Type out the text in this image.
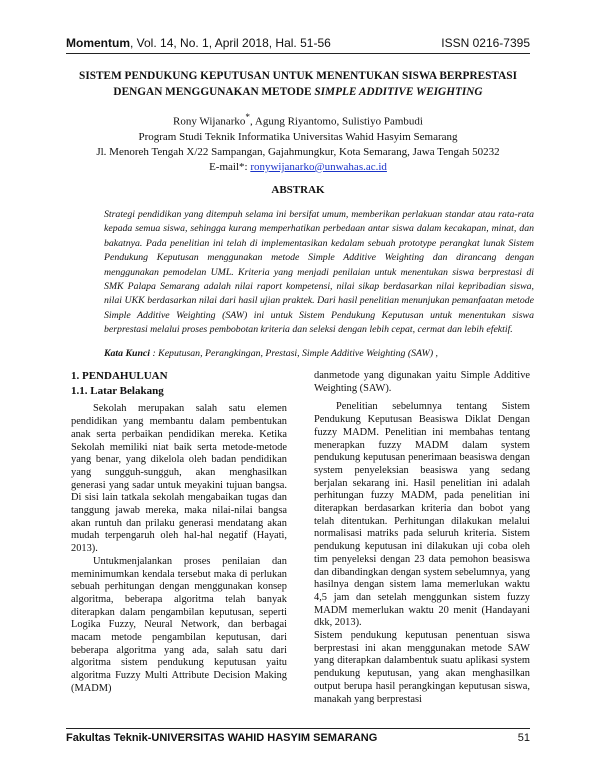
Momentum, Vol. 14, No. 1, April 2018, Hal. 51-56	ISSN 0216-7395
SISTEM PENDUKUNG KEPUTUSAN UNTUK MENENTUKAN SISWA BERPRESTASI
DENGAN MENGGUNAKAN METODE SIMPLE ADDITIVE WEIGHTING
Rony Wijanarko*, Agung Riyantomo, Sulistiyo Pambudi
Program Studi Teknik Informatika Universitas Wahid Hasyim Semarang
Jl. Menoreh Tengah X/22 Sampangan, Gajahmungkur, Kota Semarang, Jawa Tengah 50232
E-mail*: ronywijanarko@unwahas.ac.id
ABSTRAK
Strategi pendidikan yang ditempuh selama ini bersifat umum, memberikan perlakuan standar atau rata-rata kepada semua siswa, sehingga kurang memperhatikan perbedaan antar siswa dalam kecakapan, minat, dan bakatnya. Pada penelitian ini telah di implementasikan kedalam sebuah prototype perangkat lunak Sistem Pendukung Keputusan menggunakan metode Simple Additive Weighting dan dirancang dengan menggunakan pemodelan UML. Kriteria yang menjadi penilaian untuk menentukan siswa berprestasi di SMK Palapa Semarang adalah nilai raport kompetensi, nilai sikap berdasarkan nilai kepribadian siswa, nilai UKK berdasarkan nilai dari hasil ujian praktek. Dari hasil penelitian menunjukan pemanfaatan metode Simple Additive Weighting (SAW) ini untuk Sistem Pendukung Keputusan untuk menentukan siswa berprestasi melalui proses pembobotan kriteria dan seleksi dengan lebih cepat, cermat dan lebih efektif.
Kata Kunci : Keputusan, Perangkingan, Prestasi, Simple Additive Weighting (SAW) ,

1. PENDAHULUAN

1.1. Latar Belakang

Sekolah merupakan salah satu elemen pendidikan yang membantu dalam pembentukan anak serta perbaikan pendidikan mereka. Ketika Sekolah memiliki niat baik serta metode-metode yang benar, yang dikelola oleh badan pendidikan yang sungguh-sungguh, akan menghasilkan generasi yang sadar untuk meyakini tujuan bangsa. Di sisi lain tatkala sekolah mengabaikan tugas dan tanggung jawab mereka, maka nilai-nilai bangsa akan runtuh dan prilaku generasi mendatang akan mudah terpengaruh oleh hal-hal negatif (Hayati, 2013).

Untukmenjalankan proses penilaian dan meminimumkan kendala tersebut maka di perlukan sebuah perhitungan dengan menggunakan konsep algoritma, beberapa algoritma telah banyak diterapkan dalam pengambilan keputusan, seperti Logika Fuzzy, Neural Network, dan berbagai macam metode pengambilan keputusan, dari beberapa algoritma yang ada, salah satu dari algoritma sistem pendukung keputusan yaitu algoritma Fuzzy Multi Attribute Decision Making (MADM)

danmetode yang digunakan yaitu Simple Additive Weighting (SAW).

Penelitian sebelumnya tentang Sistem Pendukung Keputusan Beasiswa Diklat Dengan fuzzy MADM. Penelitian ini membahas tentang menerapkan fuzzy MADM dalam system pendukung keputusan penerimaan beasiswa dengan system penyeleksian beasiswa yang sedang berjalan sekarang ini. Hasil penelitian ini adalah perhitungan fuzzy MADM, pada penelitian ini diterapkan berdasarkan kriteria dan bobot yang telah ditentukan. Perhitungan dilakukan melalui normalisasi matriks pada seluruh kriteria. Sistem pendukung keputusan ini dilakukan uji coba oleh tim penyeleksi dengan 23 data pemohon beasiswa dan dibandingkan dengan system sebelumnya, yang hasilnya dengan sistem lama memerlukan waktu 4,5 jam dan setelah menggunkan sistem fuzzy MADM memerlukan waktu 20 menit (Handayani dkk, 2013).

Sistem pendukung keputusan penentuan siswa berprestasi ini akan menggunakan metode SAW yang diterapkan dalambentuk suatu aplikasi system pendukung keputusan, yang akan menghasilkan output berupa hasil perangkingan keputusan siswa, manakah yang berprestasi

Fakultas Teknik-UNIVERSITAS WAHID HASYIM SEMARANG	51
